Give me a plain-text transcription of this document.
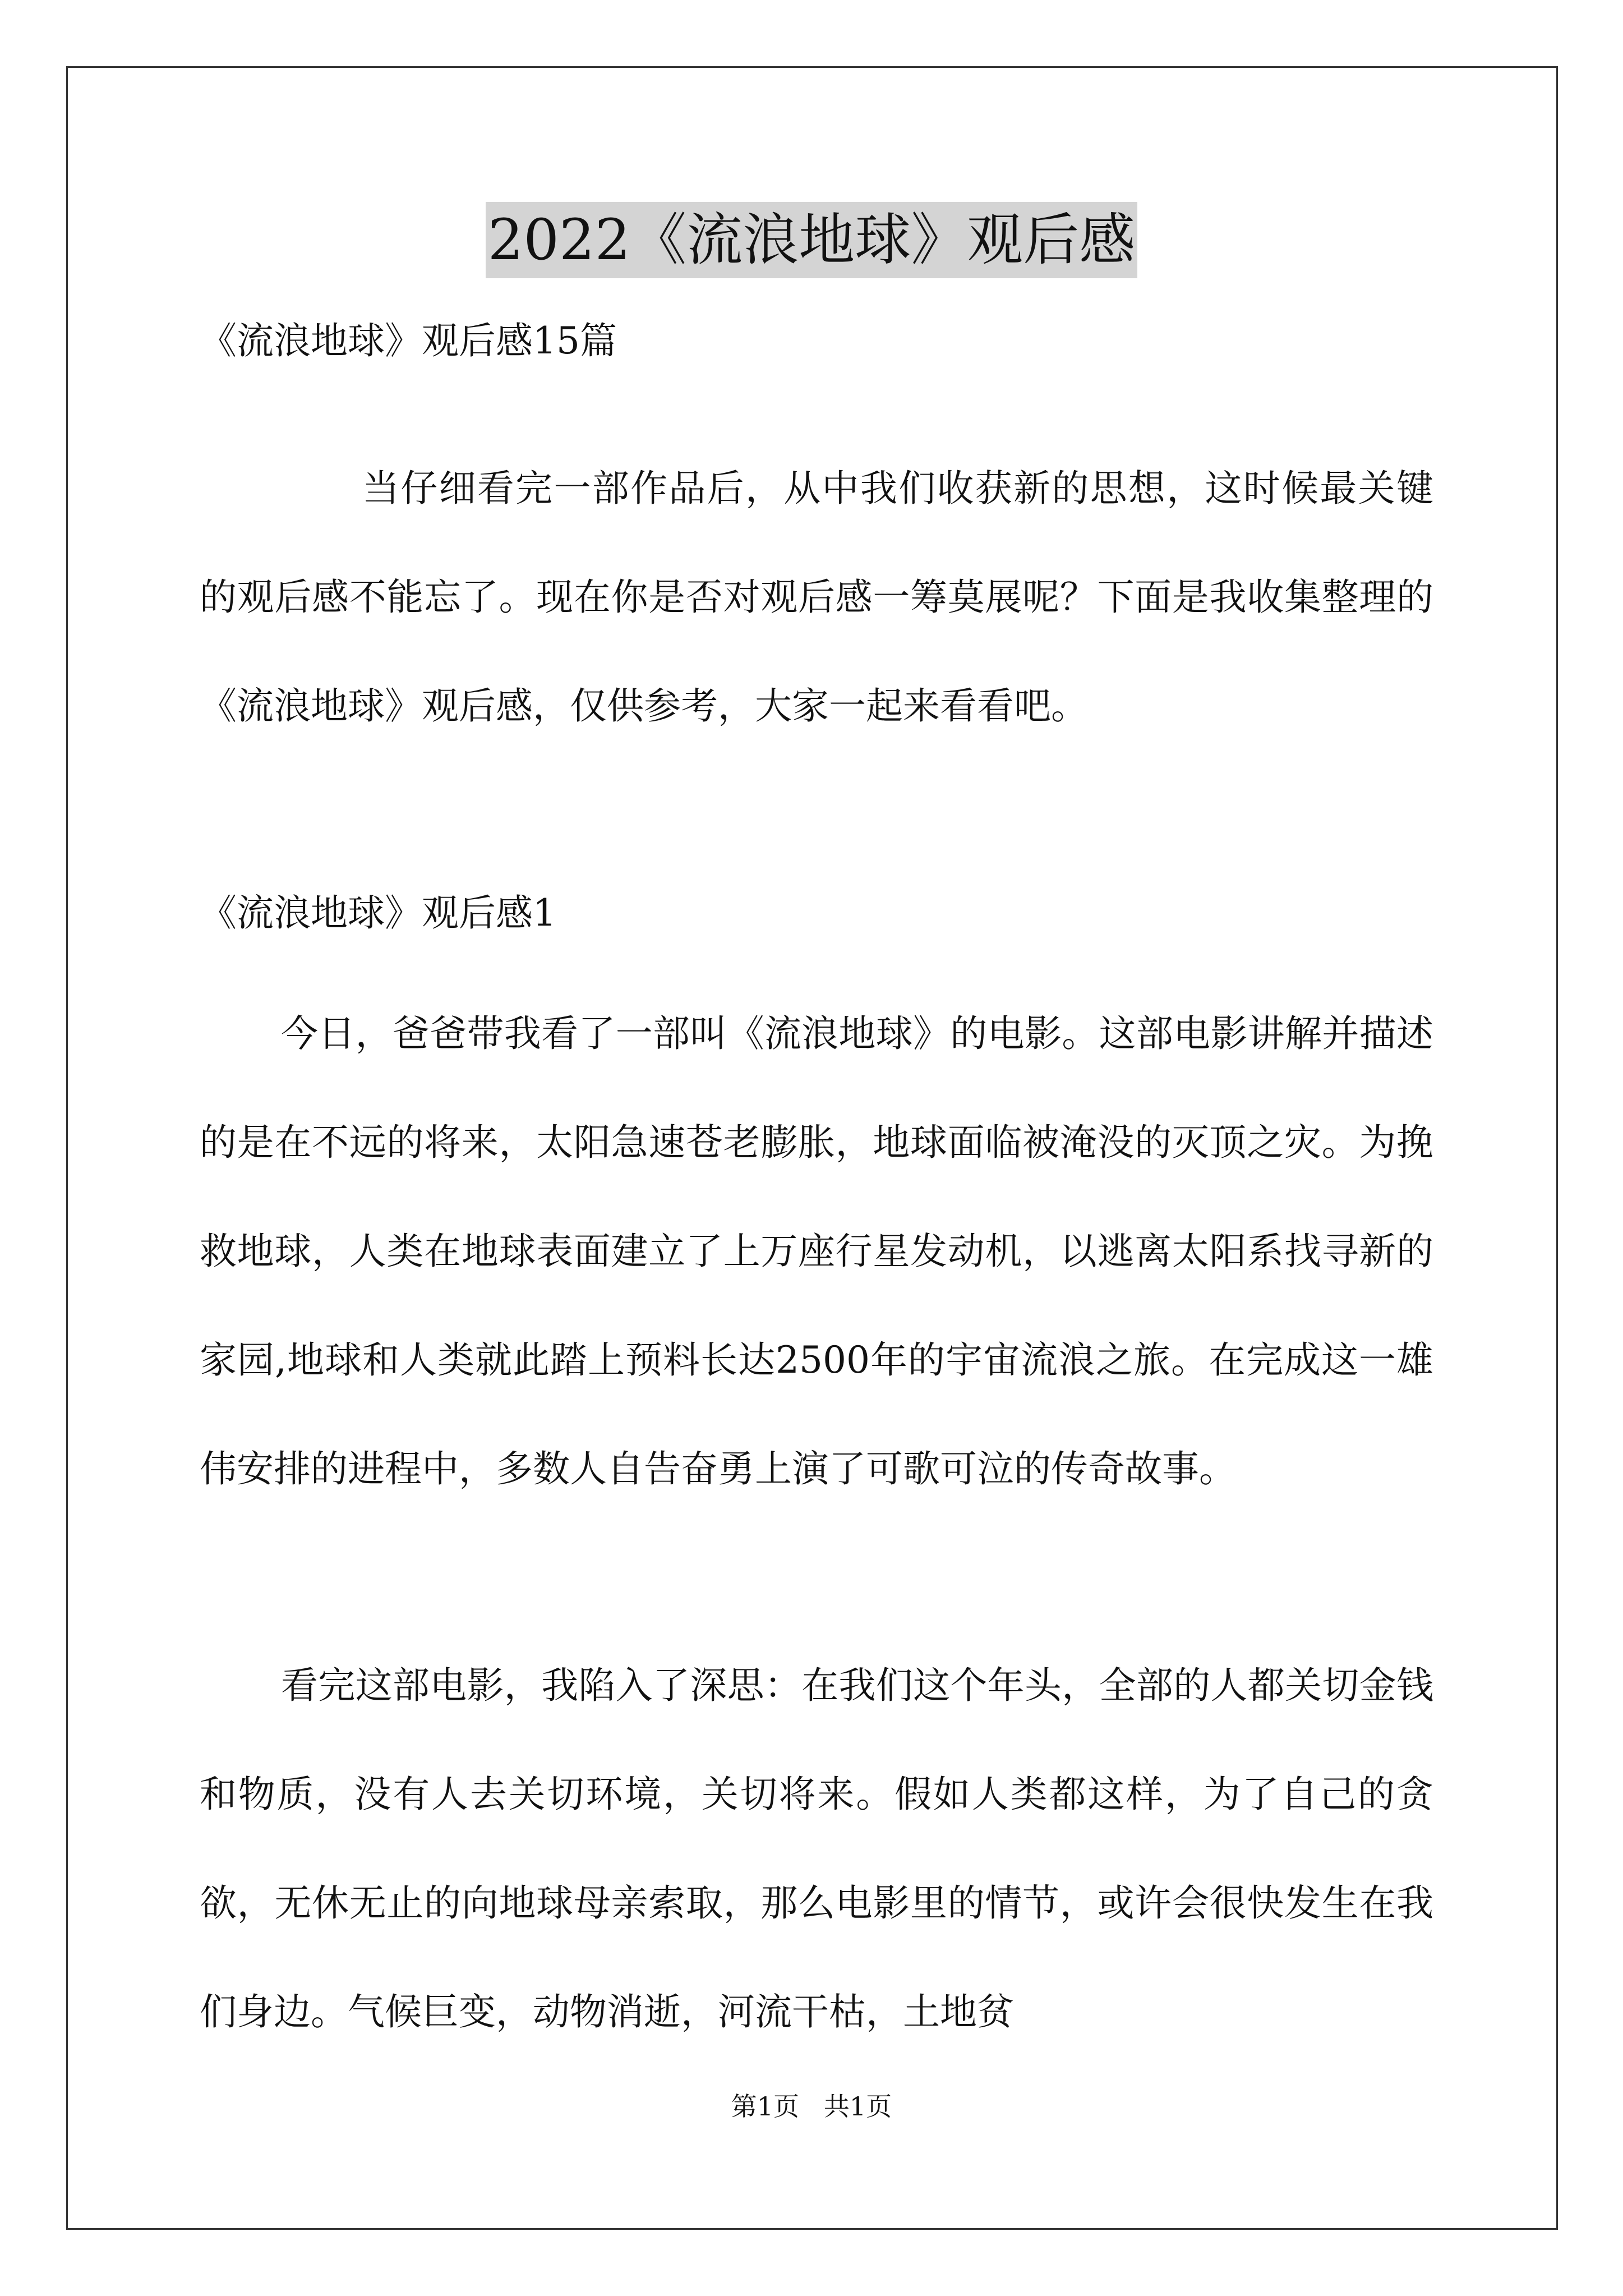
2022《流浪地球》观后感
《流浪地球》观后感15篇

当仔细看完一部作品后，从中我们收获新的思想，这时候最关键的观后感不能忘了。现在你是否对观后感一筹莫展呢？下面是我收集整理的《流浪地球》观后感，仅供参考，大家一起来看看吧。

《流浪地球》观后感1

今日，爸爸带我看了一部叫《流浪地球》的电影。这部电影讲解并描述的是在不远的将来，太阳急速苍老膨胀，地球面临被淹没的灭顶之灾。为挽救地球，人类在地球表面建立了上万座行星发动机，以逃离太阳系找寻新的家园,地球和人类就此踏上预料长达2500年的宇宙流浪之旅。在完成这一雄伟安排的进程中，多数人自告奋勇上演了可歌可泣的传奇故事。

看完这部电影，我陷入了深思：在我们这个年头，全部的人都关切金钱和物质，没有人去关切环境，关切将来。假如人类都这样，为了自己的贪欲，无休无止的向地球母亲索取，那么电影里的情节，或许会很快发生在我们身边。气候巨变，动物消逝，河流干枯，土地贫

第1页   共1页
